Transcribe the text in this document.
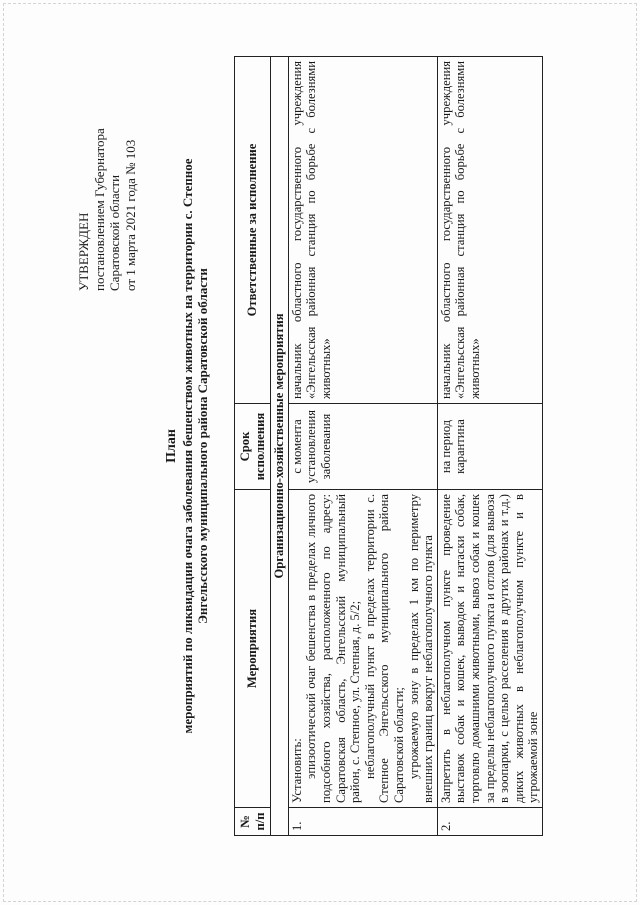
УТВЕРЖДЕН постановлением Губернатора Саратовской области от 1 марта 2021 года № 103
План мероприятий по ликвидации очага заболевания бешенством животных на территории с. Степное Энгельсского муниципального района Саратовской области
№ п/п	Мероприятия	Срок исполнения	Ответственные за исполнение
Организационно-хозяйственные мероприятия			
1.	Установить: эпизоотический очаг бешенства в пределах личного подсобного хозяйства, расположенного по адресу: Саратовская область, Энгельсский муниципальный район, с. Степное, ул. Степная, д. 5/2; неблагополучный пункт в пределах территории с. Степное Энгельсского муниципального района Саратовской области; угрожаемую зону в пределах 1 км по периметру внешних границ вокруг неблагополучного пункта	с момента установления заболевания	начальник областного государственного учреждения «Энгельсская районная станция по борьбе с болезнями животных»
2.	Запретить в неблагополучном пункте проведение выставок собак и кошек, выводок и натаски собак, торговлю домашними животными, вывоз собак и кошек за пределы неблагополучного пункта и отлов (для вывоза в зоопарки, с целью расселения в других районах и т.д.) диких животных в неблагополучном пункте и в угрожаемой зоне	на период карантина	начальник областного государственного учреждения «Энгельсская районная станция по борьбе с болезнями животных»
